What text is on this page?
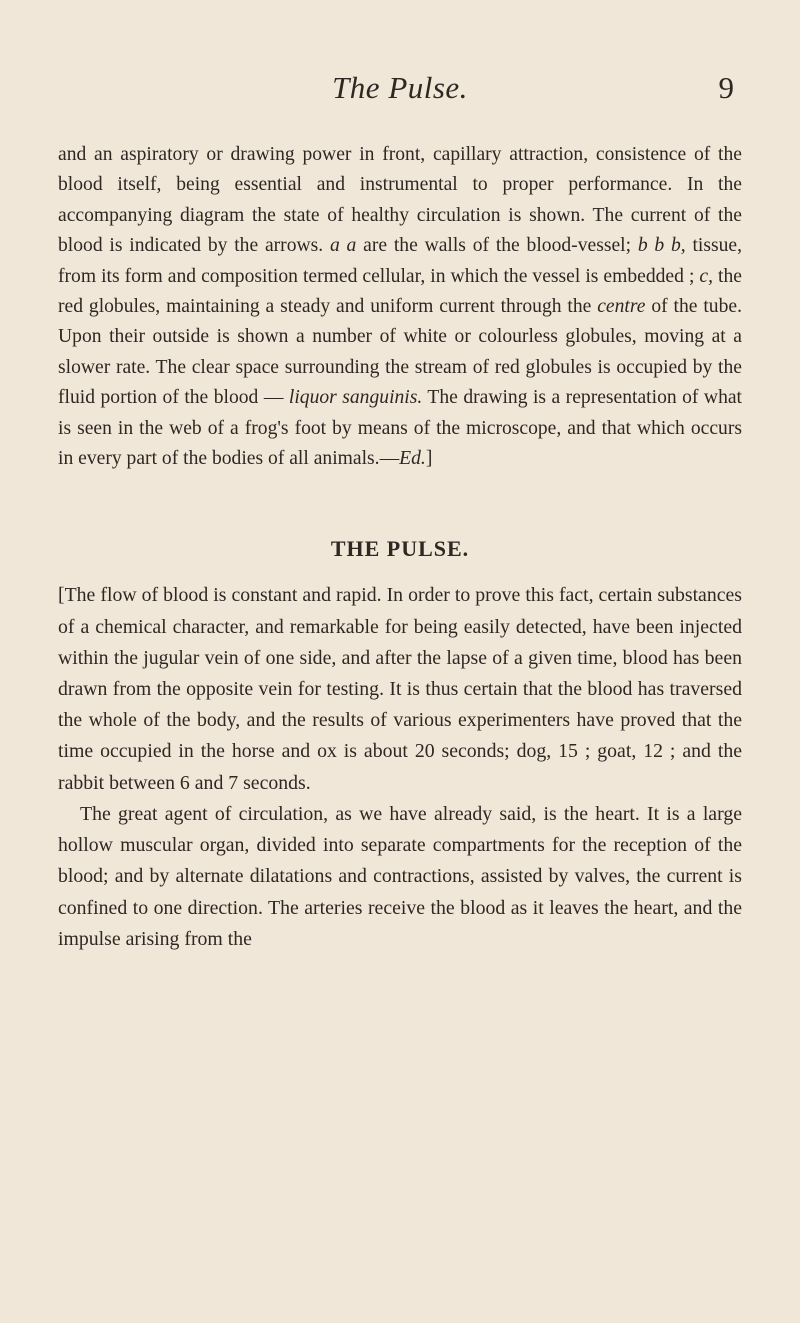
The Pulse.	9

and an aspiratory or drawing power in front, capillary attraction, consistence of the blood itself, being essential and instrumental to proper performance. In the accompanying diagram the state of healthy circulation is shown. The current of the blood is indicated by the arrows. a a are the walls of the blood-vessel; b b b, tissue, from its form and composition termed cellular, in which the vessel is embedded ; c, the red globules, maintaining a steady and uniform current through the centre of the tube. Upon their outside is shown a number of white or colourless globules, moving at a slower rate. The clear space surrounding the stream of red globules is occupied by the fluid portion of the blood — liquor sanguinis. The drawing is a representation of what is seen in the web of a frog's foot by means of the microscope, and that which occurs in every part of the bodies of all animals.—Ed.]

THE PULSE.

[The flow of blood is constant and rapid. In order to prove this fact, certain substances of a chemical character, and remarkable for being easily detected, have been injected within the jugular vein of one side, and after the lapse of a given time, blood has been drawn from the opposite vein for testing. It is thus certain that the blood has traversed the whole of the body, and the results of various experimenters have proved that the time occupied in the horse and ox is about 20 seconds; dog, 15 ; goat, 12 ; and the rabbit between 6 and 7 seconds.

The great agent of circulation, as we have already said, is the heart. It is a large hollow muscular organ, divided into separate compartments for the reception of the blood; and by alternate dilatations and contractions, assisted by valves, the current is confined to one direction. The arteries receive the blood as it leaves the heart, and the impulse arising from the
